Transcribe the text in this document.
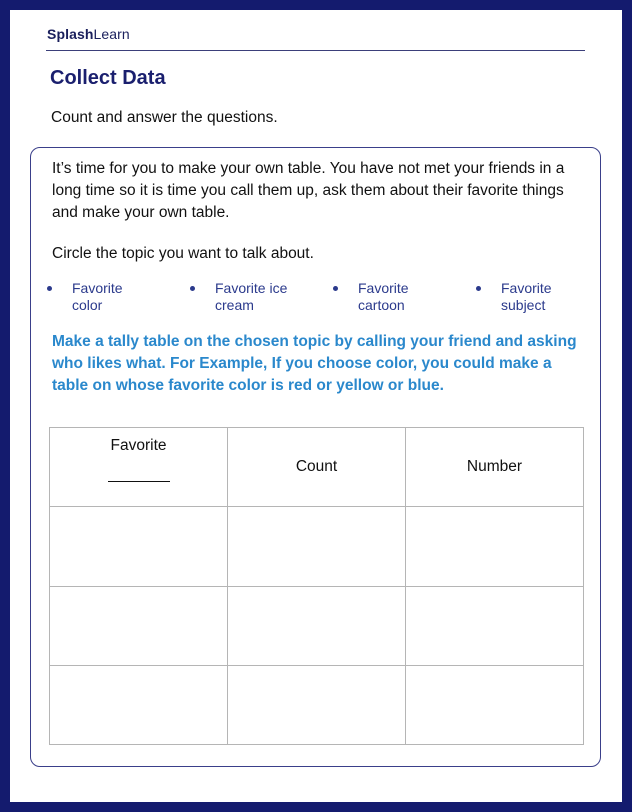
SplashLearn
Collect Data
Count and answer the questions.

It’s time for you to make your own table. You have not met your friends in a long time so it is time you call them up, ask them about their favorite things and make your own table.

Circle the topic you want to talk about.
Favorite
color
Favorite ice
cream
Favorite
cartoon
Favorite
subject

Make a tally table on the chosen topic by calling your friend and asking who likes what. For Example, If you choose color, you could make a table on whose favorite color is red or yellow or blue.

Favorite	Count	Number
